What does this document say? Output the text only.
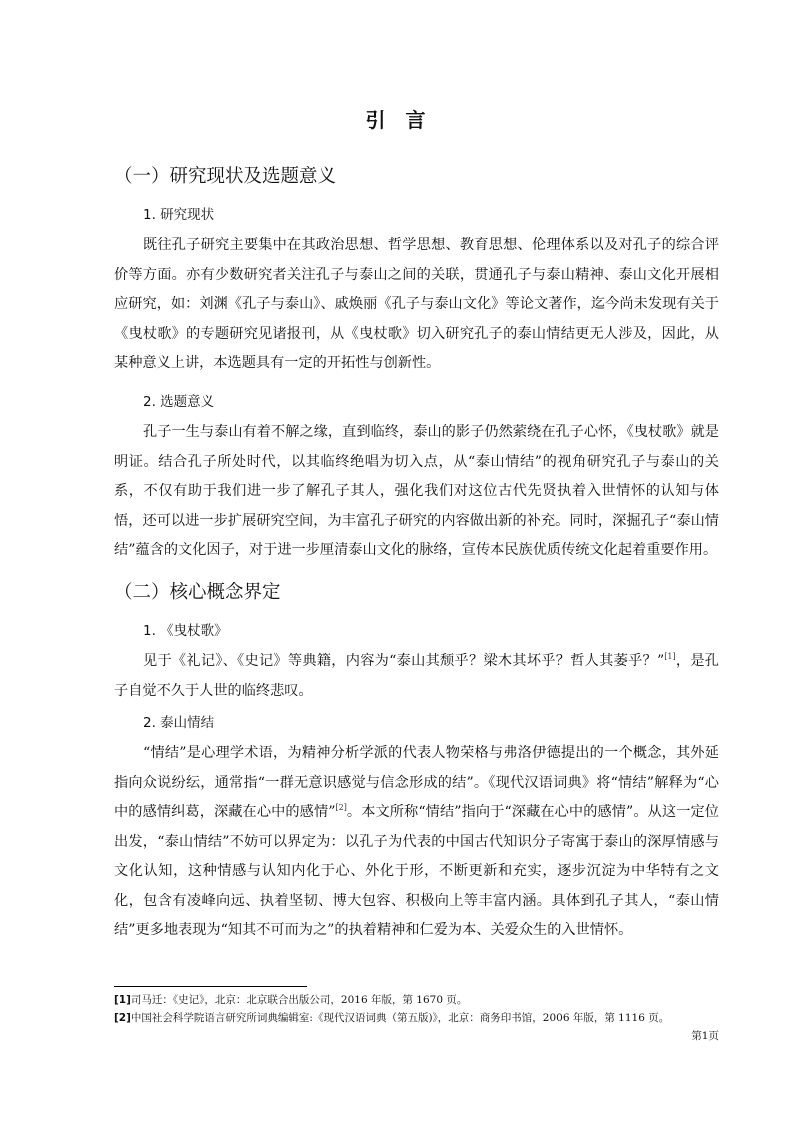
引 言
（一）研究现状及选题意义
1. 研究现状

既往孔子研究主要集中在其政治思想、哲学思想、教育思想、伦理体系以及对孔子的综合评价等方面。亦有少数研究者关注孔子与泰山之间的关联，贯通孔子与泰山精神、泰山文化开展相应研究，如：刘渊《孔子与泰山》、戚焕丽《孔子与泰山文化》等论文著作，迄今尚未发现有关于《曳杖歌》的专题研究见诸报刊，从《曳杖歌》切入研究孔子的泰山情结更无人涉及，因此，从某种意义上讲，本选题具有一定的开拓性与创新性。

2. 选题意义

孔子一生与泰山有着不解之缘，直到临终，泰山的影子仍然萦绕在孔子心怀，《曳杖歌》就是明证。结合孔子所处时代，以其临终绝唱为切入点，从“泰山情结”的视角研究孔子与泰山的关系，不仅有助于我们进一步了解孔子其人，强化我们对这位古代先贤执着入世情怀的认知与体悟，还可以进一步扩展研究空间，为丰富孔子研究的内容做出新的补充。同时，深掘孔子“泰山情结”蕴含的文化因子，对于进一步厘清泰山文化的脉络，宣传本民族优质传统文化起着重要作用。

（二）核心概念界定
1. 《曳杖歌》

见于《礼记》、《史记》等典籍，内容为“泰山其颓乎？梁木其坏乎？哲人其萎乎？”[1]，是孔子自觉不久于人世的临终悲叹。

2. 泰山情结

“情结”是心理学术语，为精神分析学派的代表人物荣格与弗洛伊德提出的一个概念，其外延指向众说纷纭，通常指“一群无意识感觉与信念形成的结”。《现代汉语词典》将“情结”解释为“心中的感情纠葛，深藏在心中的感情”[2]。本文所称“情结”指向于“深藏在心中的感情”。从这一定位出发，“泰山情结”不妨可以界定为：以孔子为代表的中国古代知识分子寄寓于泰山的深厚情感与文化认知，这种情感与认知内化于心、外化于形，不断更新和充实，逐步沉淀为中华特有之文化，包含有凌峰向远、执着坚韧、博大包容、积极向上等丰富内涵。具体到孔子其人，“泰山情结”更多地表现为“知其不可而为之”的执着精神和仁爱为本、关爱众生的入世情怀。

[1]司马迁：《史记》，北京：北京联合出版公司，2016 年版，第 1670 页。

[2]中国社会科学院语言研究所词典编辑室:《现代汉语词典（第五版)》，北京：商务印书馆，2006 年版，第 1116 页。

第1页
